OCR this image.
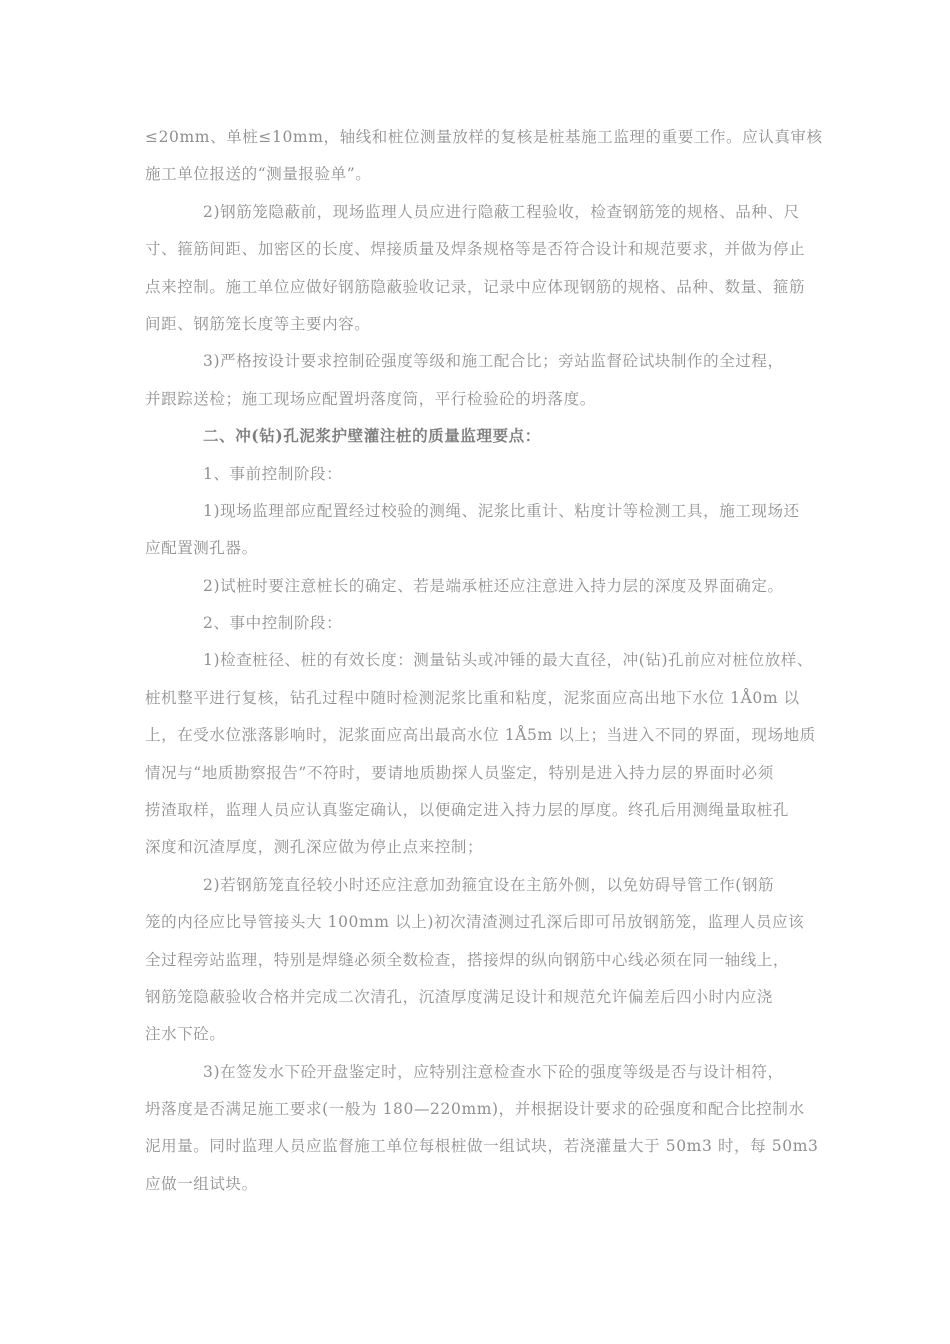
≤20mm、单桩≤10mm，轴线和桩位测量放样的复核是桩基施工监理的重要工作。应认真审核
施工单位报送的“测量报验单”。
2)钢筋笼隐蔽前，现场监理人员应进行隐蔽工程验收，检查钢筋笼的规格、品种、尺
寸、箍筋间距、加密区的长度、焊接质量及焊条规格等是否符合设计和规范要求，并做为停止
点来控制。施工单位应做好钢筋隐蔽验收记录，记录中应体现钢筋的规格、品种、数量、箍筋
间距、钢筋笼长度等主要内容。
3)严格按设计要求控制砼强度等级和施工配合比；旁站监督砼试块制作的全过程，
并跟踪送检；施工现场应配置坍落度筒，平行检验砼的坍落度。
二、冲(钻)孔泥浆护壁灌注桩的质量监理要点：
1、事前控制阶段：
1)现场监理部应配置经过校验的测绳、泥浆比重计、粘度计等检测工具，施工现场还
应配置测孔器。
2)试桩时要注意桩长的确定、若是端承桩还应注意进入持力层的深度及界面确定。
2、事中控制阶段：
1)检查桩径、桩的有效长度：测量钻头或冲锤的最大直径，冲(钻)孔前应对桩位放样、
桩机整平进行复核，钻孔过程中随时检测泥浆比重和粘度，泥浆面应高出地下水位 1Å0m 以
上，在受水位涨落影响时，泥浆面应高出最高水位 1Å5m 以上；当进入不同的界面，现场地质
情况与“地质勘察报告”不符时，要请地质勘探人员鉴定，特别是进入持力层的界面时必须
捞渣取样，监理人员应认真鉴定确认，以便确定进入持力层的厚度。终孔后用测绳量取桩孔
深度和沉渣厚度，测孔深应做为停止点来控制；
2)若钢筋笼直径较小时还应注意加劲箍宜设在主筋外侧，以免妨碍导管工作(钢筋
笼的内径应比导管接头大 100mm 以上)初次清渣测过孔深后即可吊放钢筋笼，监理人员应该
全过程旁站监理，特别是焊缝必须全数检查，搭接焊的纵向钢筋中心线必须在同一轴线上，
钢筋笼隐蔽验收合格并完成二次清孔，沉渣厚度满足设计和规范允许偏差后四小时内应浇
注水下砼。
3)在签发水下砼开盘鉴定时，应特别注意检查水下砼的强度等级是否与设计相符，
坍落度是否满足施工要求(一般为 180—220mm)，并根据设计要求的砼强度和配合比控制水
泥用量。同时监理人员应监督施工单位每根桩做一组试块，若浇灌量大于 50m3 时，每 50m3
应做一组试块。
